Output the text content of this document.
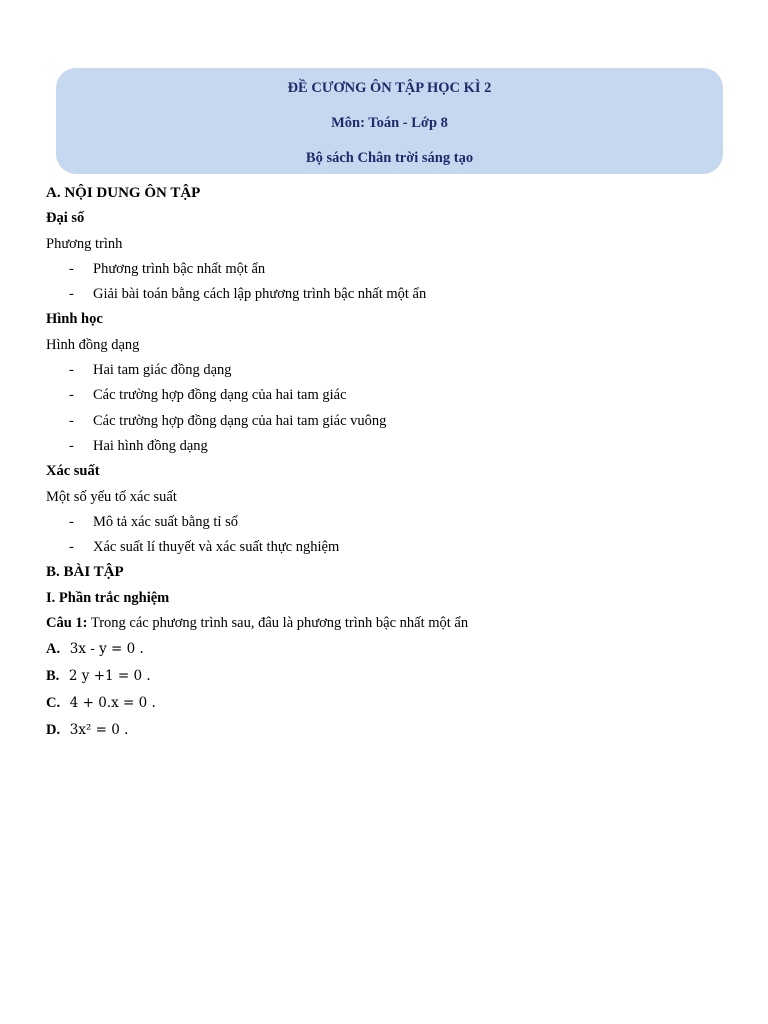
ĐỀ CƯƠNG ÔN TẬP HỌC KÌ 2
Môn: Toán - Lớp 8
Bộ sách Chân trời sáng tạo
A. NỘI DUNG ÔN TẬP
Đại số
Phương trình
- Phương trình bậc nhất một ẩn
- Giải bài toán bằng cách lập phương trình bậc nhất một ẩn
Hình học
Hình đồng dạng
- Hai tam giác đồng dạng
- Các trường hợp đồng dạng của hai tam giác
- Các trường hợp đồng dạng của hai tam giác vuông
- Hai hình đồng dạng
Xác suất
Một số yếu tố xác suất
- Mô tả xác suất bằng tỉ số
- Xác suất lí thuyết và xác suất thực nghiệm
B. BÀI TẬP
I. Phần trắc nghiệm
Câu 1: Trong các phương trình sau, đâu là phương trình bậc nhất một ẩn
A. 3x - y = 0 .
B. 2 y +1 = 0 .
C. 4 + 0.x = 0 .
D. 3x² = 0 .
